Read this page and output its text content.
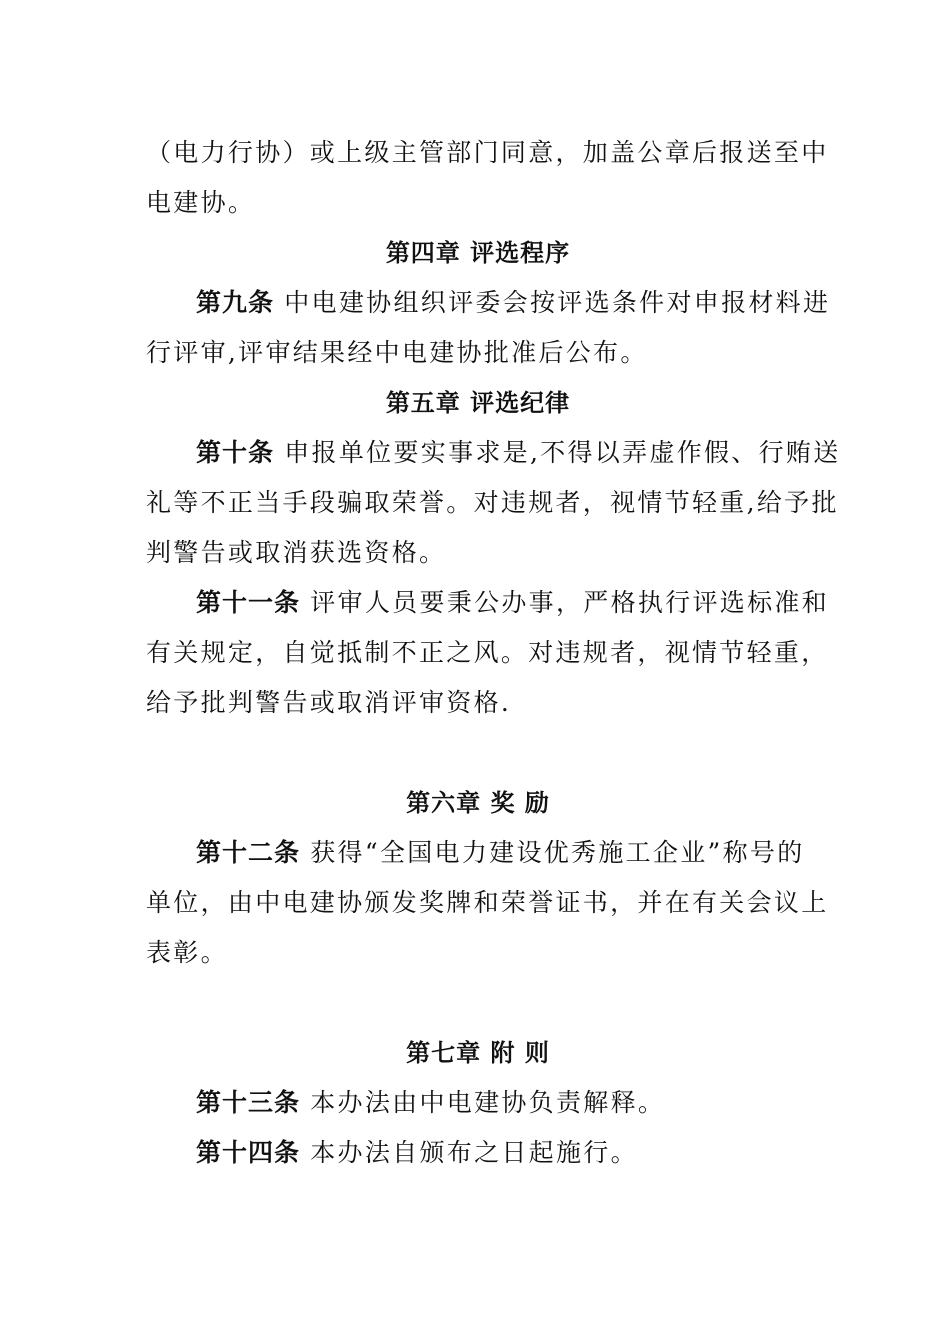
（电力行协）或上级主管部门同意，加盖公章后报送至中
电建协。
第四章 评选程序
第九条 中电建协组织评委会按评选条件对申报材料进
行评审,评审结果经中电建协批准后公布。
第五章 评选纪律
第十条 申报单位要实事求是,不得以弄虚作假、行贿送
礼等不正当手段骗取荣誉。对违规者，视情节轻重,给予批
判警告或取消获选资格。
第十一条 评审人员要秉公办事，严格执行评选标准和
有关规定，自觉抵制不正之风。对违规者，视情节轻重，
给予批判警告或取消评审资格.
第六章 奖 励
第十二条 获得“全国电力建设优秀施工企业”称号的
单位，由中电建协颁发奖牌和荣誉证书，并在有关会议上
表彰。
第七章 附 则
第十三条 本办法由中电建协负责解释。
第十四条 本办法自颁布之日起施行。
